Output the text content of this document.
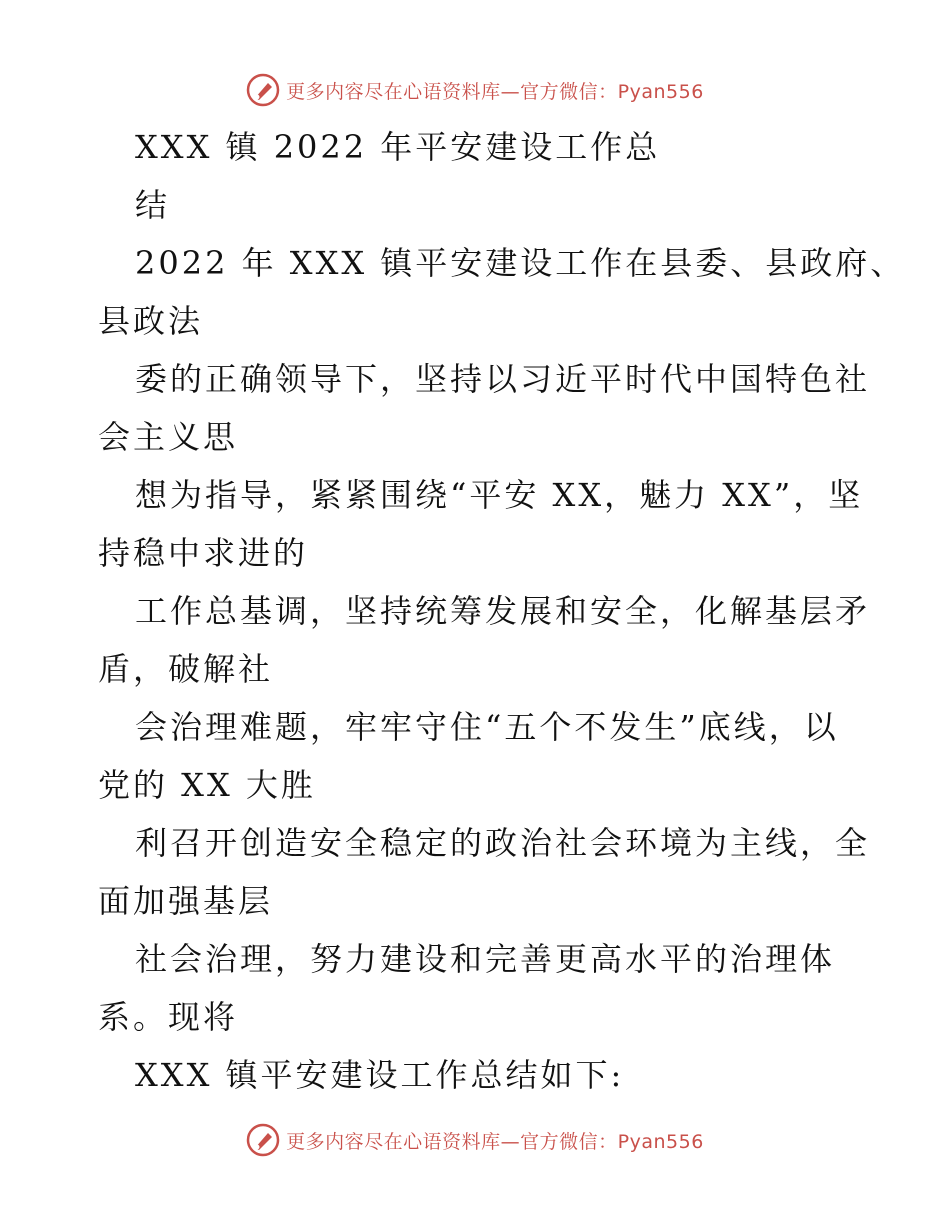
更多内容尽在心语资料库—官方微信：Pyan556
XXX 镇 2022 年平安建设工作总
结
2022 年 XXX 镇平安建设工作在县委、县政府、
县政法
委的正确领导下，坚持以习近平时代中国特色社
会主义思
想为指导，紧紧围绕“平安 XX，魅力 XX”，坚
持稳中求进的
工作总基调，坚持统筹发展和安全，化解基层矛
盾，破解社
会治理难题，牢牢守住“五个不发生”底线，以
党的 XX 大胜
利召开创造安全稳定的政治社会环境为主线，全
面加强基层
社会治理，努力建设和完善更高水平的治理体
系。现将
XXX 镇平安建设工作总结如下:
更多内容尽在心语资料库—官方微信：Pyan556
